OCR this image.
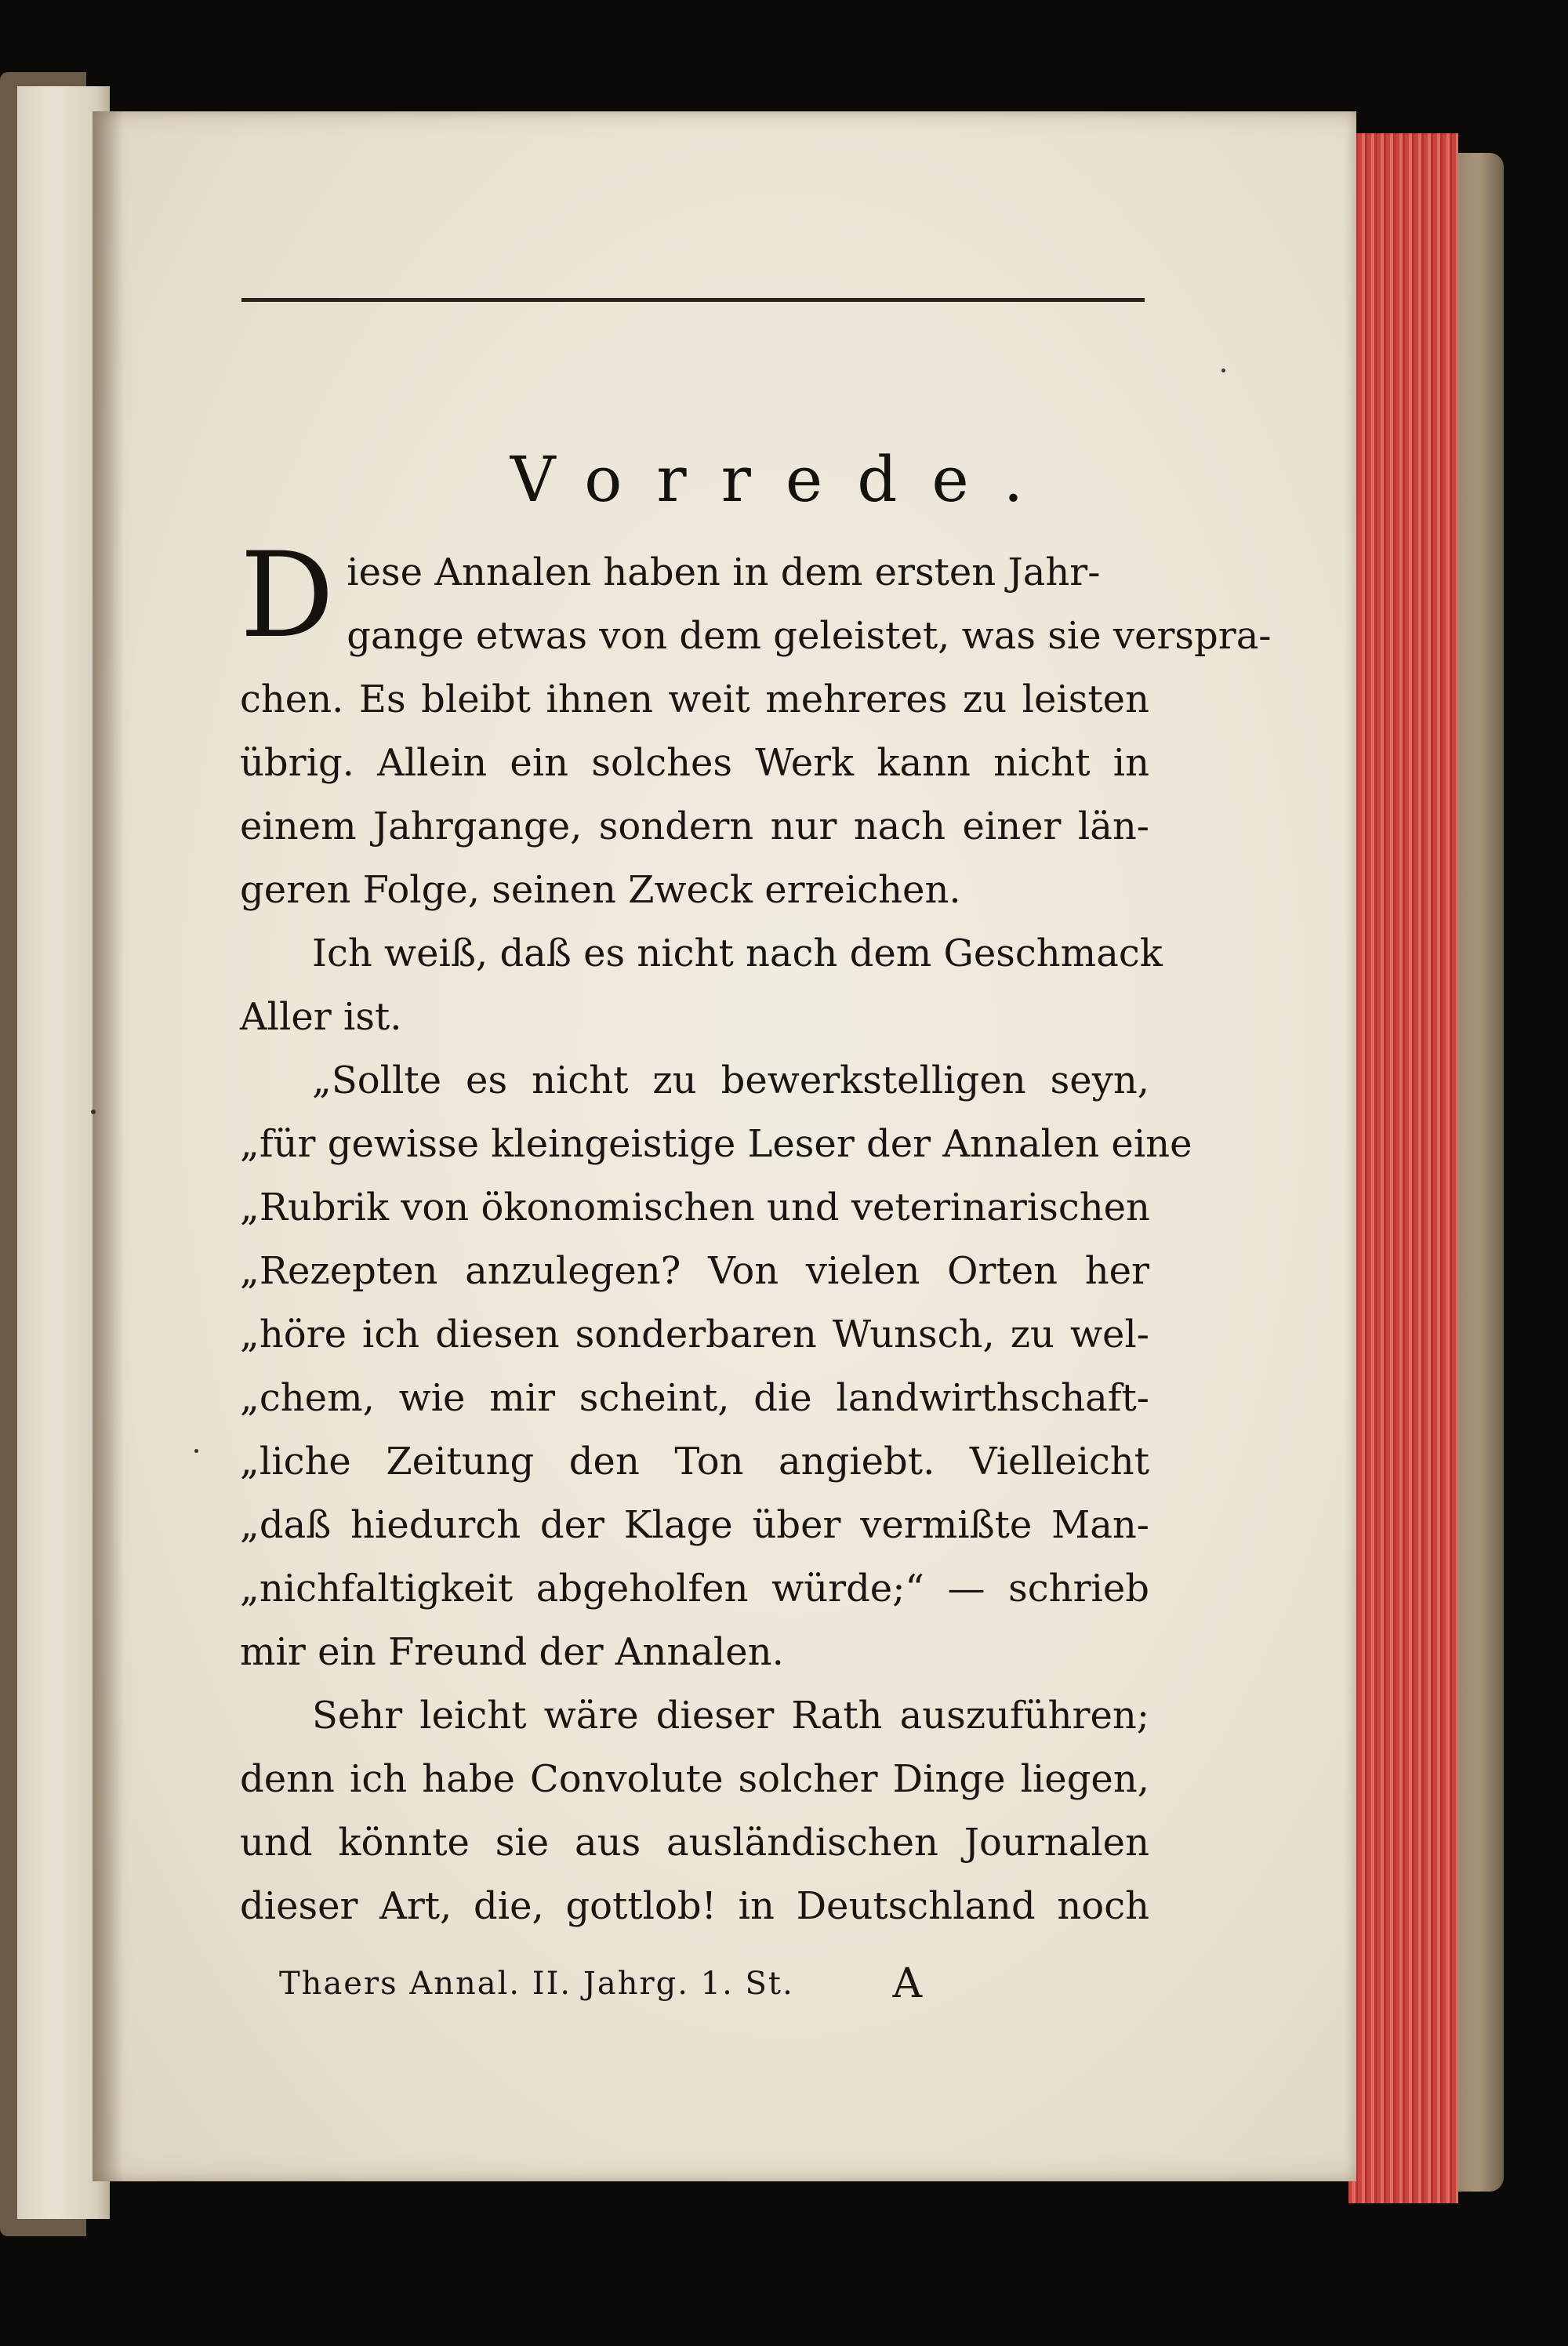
Vorrede.
D iese Annalen haben in dem ersten Jahr-
gange etwas von dem geleistet, was sie verspra-
chen. Es bleibt ihnen weit mehreres zu leisten
übrig. Allein ein solches Werk kann nicht in
einem Jahrgange, sondern nur nach einer län-
geren Folge, seinen Zweck erreichen.
Ich weiß, daß es nicht nach dem Geschmack
Aller ist.
„Sollte es nicht zu bewerkstelligen seyn,
„für gewisse kleingeistige Leser der Annalen eine
„Rubrik von ökonomischen und veterinarischen
„Rezepten anzulegen? Von vielen Orten her
„höre ich diesen sonderbaren Wunsch, zu wel-
„chem, wie mir scheint, die landwirthschaft-
„liche Zeitung den Ton angiebt. Vielleicht
„daß hiedurch der Klage über vermißte Man-
„nichfaltigkeit abgeholfen würde;“ — schrieb
mir ein Freund der Annalen.
Sehr leicht wäre dieser Rath auszuführen;
denn ich habe Convolute solcher Dinge liegen,
und könnte sie aus ausländischen Journalen
dieser Art, die, gottlob! in Deutschland noch
Thaers Annal. II. Jahrg. 1. St. A
